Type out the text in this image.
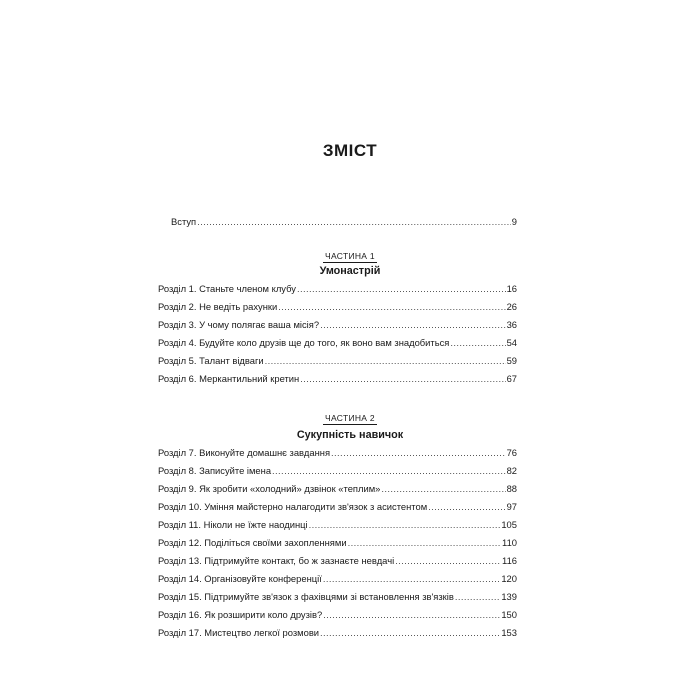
ЗМІСТ
Вступ .....	9
ЧАСТИНА 1
Умонастрій
Розділ 1. Станьте членом клубу .....	16
Розділ 2. Не ведіть рахунки .....	26
Розділ 3. У чому полягає ваша місія? .....	36
Розділ 4. Будуйте коло друзів ще до того, як воно вам знадобиться .....	54
Розділ 5. Талант відваги .....	59
Розділ 6. Меркантильний кретин .....	67
ЧАСТИНА 2
Сукупність навичок
Розділ 7. Виконуйте домашнє завдання .....	76
Розділ 8. Записуйте імена .....	82
Розділ 9. Як зробити «холодний» дзвінок «теплим» .....	88
Розділ 10. Уміння майстерно налагодити зв'язок з асистентом .....	97
Розділ 11. Ніколи не їжте наодинці .....	105
Розділ 12. Поділіться своїми захопленнями .....	110
Розділ 13. Підтримуйте контакт, бо ж зазнаєте невдачі .....	116
Розділ 14. Організовуйте конференції .....	120
Розділ 15. Підтримуйте зв'язок з фахівцями зі встановлення зв'язків .....	139
Розділ 16. Як розширити коло друзів? .....	150
Розділ 17. Мистецтво легкої розмови .....	153
